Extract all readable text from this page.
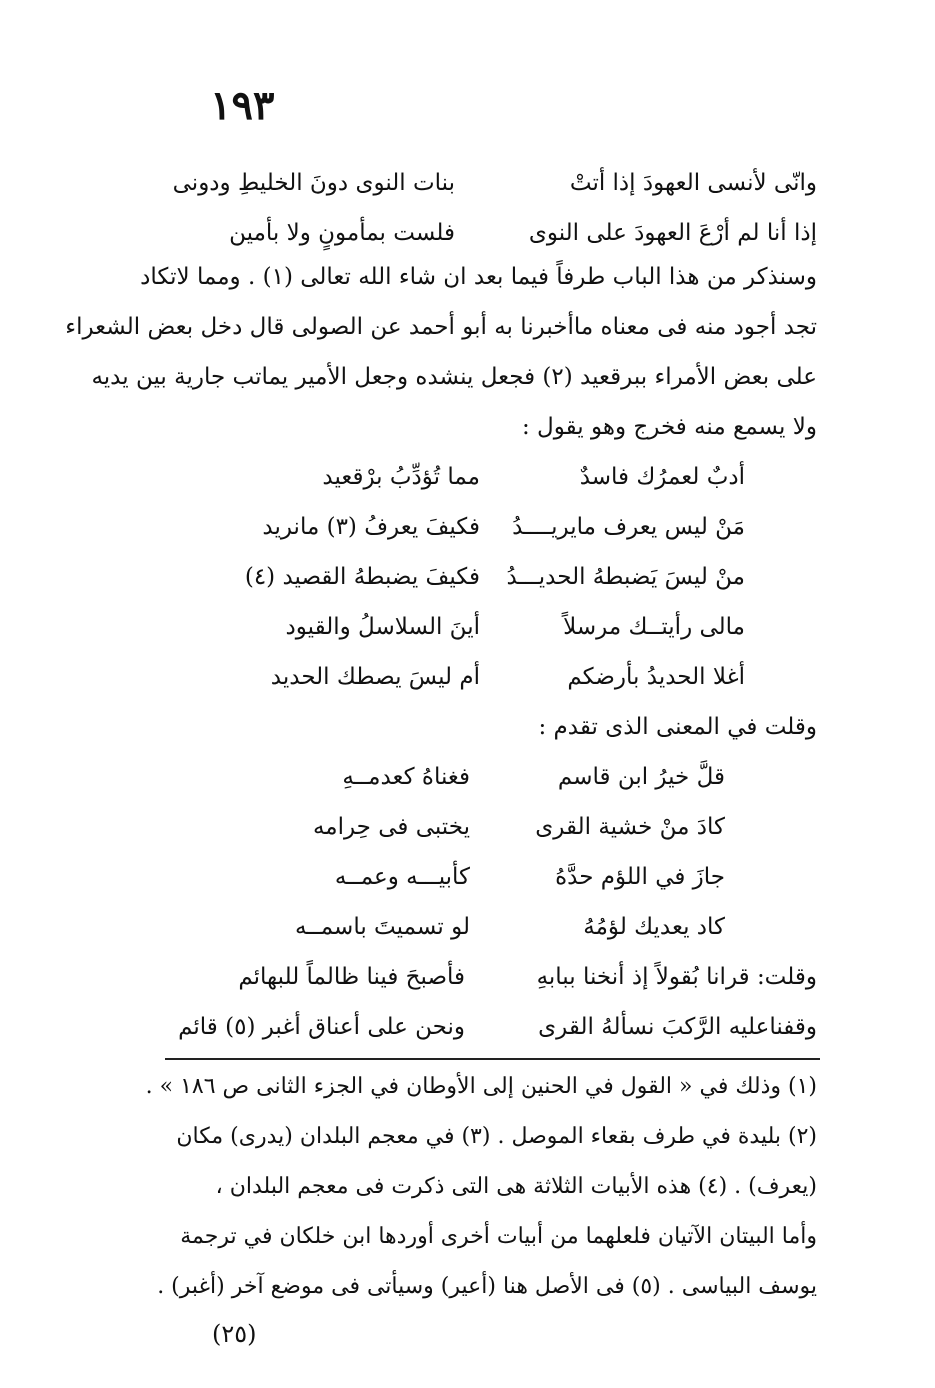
١٩٣
وانّى لأنسى العهودَ إذا أتتْ
بنات النوى دونَ الخليطِ ودونى
إذا أنا لم أرْعَ العهودَ على النوى
فلست بمأمونٍ ولا بأمين
وسنذكر من هذا الباب طرفاً فيما بعد ان شاء الله تعالى (١) . ومما لاتكاد
تجد أجود منه فى معناه ماأخبرنا به أبو أحمد عن الصولى قال دخل بعض الشعراء
على بعض الأمراء ببرقعيد (٢) فجعل ينشده وجعل الأمير يماتب جارية بين يديه
ولا يسمع منه فخرج وهو يقول :
أدبٌ لعمرُك فاسدٌ
مما تُؤدِّبُ برْقعيد
مَنْ ليس يعرف مايريــــدُ
فكيفَ يعرفُ (٣) مانريد
منْ ليسَ يَضبطهُ الحديـــدُ
فكيفَ يضبطهُ القصيد (٤)
مالى رأيتــك مرسلاً
أينَ السلاسلُ والقيود
أغلا الحديدُ بأرضكم
أم ليسَ يصطك الحديد
وقلت في المعنى الذى تقدم :
قلَّ خيرُ ابن قاسم
فغناهُ كعدمــهِ
كادَ منْ خشية القرى
يختبى فى حِرامه
جازَ في اللؤم حدَّهُ
كأبيـــه وعمــه
كاد يعديك لؤمُهُ
لو تسميتَ باسمــه
وقلت: قرانا بُقولاً إذ أنخنا ببابهِ
فأصبحَ فينا ظالماً للبهائم
وقفناعليه الرَّكبَ نسألهُ القرى
ونحن على أعناق أغبر (٥) قائم
(١) وذلك في « القول في الحنين إلى الأوطان في الجزء الثانى ص ١٨٦ » .
(٢) بليدة في طرف بقعاء الموصل . (٣) في معجم البلدان (يدرى) مكان
(يعرف) . (٤) هذه الأبيات الثلاثة هى التى ذكرت فى معجم البلدان ،
وأما البيتان الآتيان فلعلهما من أبيات أخرى أوردها ابن خلكان في ترجمة
يوسف البياسى . (٥) فى الأصل هنا (أعير) وسيأتى فى موضع آخر (أغبر) .
(٢٥)
